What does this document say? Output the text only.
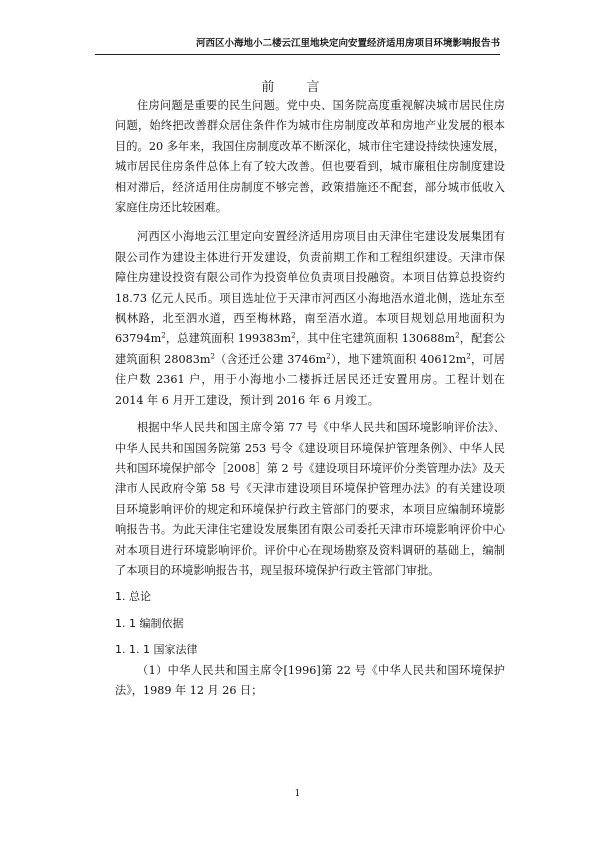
河西区小海地小二楼云江里地块定向安置经济适用房项目环境影响报告书
前 言

住房问题是重要的民生问题。党中央、国务院高度重视解决城市居民住房问题，始终把改善群众居住条件作为城市住房制度改革和房地产业发展的根本目的。20 多年来，我国住房制度改革不断深化，城市住宅建设持续快速发展，城市居民住房条件总体上有了较大改善。但也要看到，城市廉租住房制度建设相对滞后，经济适用住房制度不够完善，政策措施还不配套，部分城市低收入家庭住房还比较困难。

河西区小海地云江里定向安置经济适用房项目由天津住宅建设发展集团有限公司作为建设主体进行开发建设，负责前期工作和工程组织建设。天津市保障住房建设投资有限公司作为投资单位负责项目投融资。本项目估算总投资约 18.73 亿元人民币。项目选址位于天津市河西区小海地浯水道北侧，选址东至枫林路，北至泗水道，西至梅林路，南至浯水道。本项目规划总用地面积为 $63794m^2$，总建筑面积 $199383m^2$，其中住宅建筑面积 $130688m^2$，配套公建筑面积 $28083m^2$（含还迁公建 $3746m^2$），地下建筑面积 $40612m^2$，可居住户数 2361 户，用于小海地小二楼拆迁居民还迁安置用房。工程计划在 2014 年 6 月开工建设，预计到 2016 年 6 月竣工。

根据中华人民共和国主席令第 77 号《中华人民共和国环境影响评价法》、中华人民共和国国务院第 253 号令《建设项目环境保护管理条例》、中华人民共和国环境保护部令［2008］第 2 号《建设项目环境评价分类管理办法》及天津市人民政府令第 58 号《天津市建设项目环境保护管理办法》的有关建设项目环境影响评价的规定和环境保护行政主管部门的要求，本项目应编制环境影响报告书。为此天津住宅建设发展集团有限公司委托天津市环境影响评价中心对本项目进行环境影响评价。评价中心在现场勘察及资料调研的基础上，编制了本项目的环境影响报告书，现呈报环境保护行政主管部门审批。

1. 总论

1. 1 编制依据

1. 1. 1 国家法律

（1）中华人民共和国主席令[1996]第 22 号《中华人民共和国环境保护法》，1989 年 12 月 26 日；

1
